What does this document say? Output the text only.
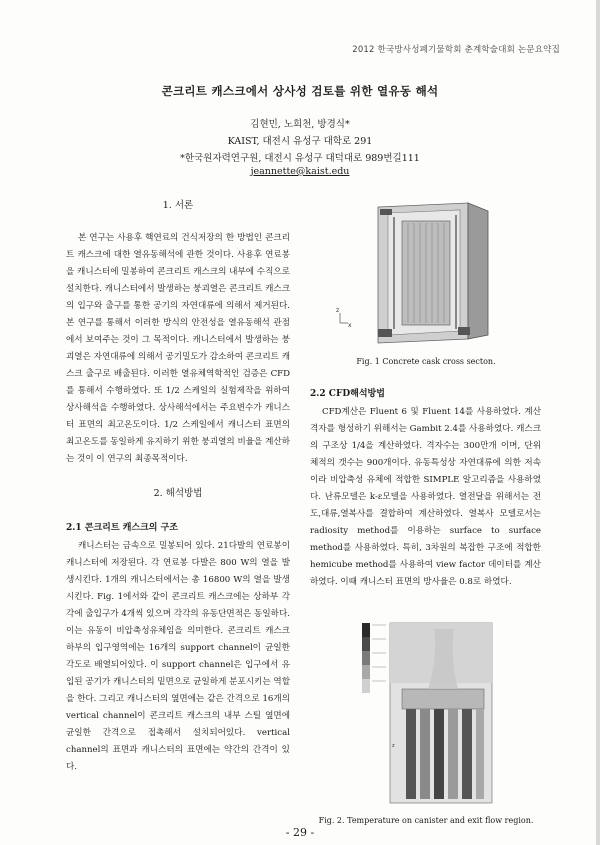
2012 한국방사성폐기물학회 춘계학술대회 논문요약집
콘크리트 캐스크에서 상사성 검토를 위한 열유동 해석
김현민, 노희천, 방경식*
KAIST, 대전시 유성구 대학로 291
*한국원자력연구원, 대전시 유성구 대덕대로 989번길111
jeannette@kaist.edu
1. 서론

본 연구는 사용후 핵연료의 건식저장의 한 방법인 콘크리트 캐스크에 대한 열유동해석에 관한 것이다. 사용후 연료봉을 캐니스터에 밀봉하여 콘크리트 캐스크의 내부에 수직으로 설치한다. 캐니스터에서 발생하는 붕괴열은 콘크리트 캐스크의 입구와 출구를 통한 공기의 자연대류에 의해서 제거된다. 본 연구를 통해서 이러한 방식의 안전성을 열유동해석 관점에서 보여주는 것이 그 목적이다. 캐니스터에서 발생하는 붕괴열은 자연대류에 의해서 공기밀도가 감소하여 콘크리트 캐스크 출구로 배출된다. 이러한 열유체역학적인 검증은 CFD를 통해서 수행하였다. 또 1/2 스케일의 실험제작을 위하여 상사해석을 수행하였다. 상사해석에서는 주요변수가 캐니스터 표면의 최고온도이다. 1/2 스케일에서 캐니스터 표면의 최고온도를 동일하게 유지하기 위한 붕괴열의 비율을 계산하는 것이 이 연구의 최종목적이다.

2. 해석방법
2.1 콘크리트 캐스크의 구조

캐니스터는 금속으로 밀봉되어 있다. 21다발의 연료봉이 캐니스터에 저장된다. 각 연료봉 다발은 800 W의 열을 발생시킨다. 1개의 캐니스터에서는 총 16800 W의 열을 발생시킨다. Fig. 1에서와 같이 콘크리트 캐스크에는 상하부 각각에 출입구가 4개씩 있으며 각각의 유동단면적은 동일하다. 이는 유동이 비압축성유체임을 의미한다. 콘크리트 캐스크 하부의 입구영역에는 16개의 support channel이 균일한 각도로 배열되어있다. 이 support channel은 입구에서 유입된 공기가 캐니스터의 밑면으로 균일하게 분포시키는 역할을 한다. 그리고 캐니스터의 옆면에는 같은 간격으로 16개의 vertical channel이 콘크리트 캐스크의 내부 스틸 옆면에 균일한 간격으로 접촉해서 설치되어있다. vertical channel의 표면과 캐니스터의 표면에는 약간의 간격이 있다.

z
x
Fig. 1 Concrete cask cross secton.
2.2 CFD해석방법

CFD계산은 Fluent 6 및 Fluent 14를 사용하였다. 계산격자를 형성하기 위해서는 Gambit 2.4를 사용하였다. 캐스크의 구조상 1/4을 계산하였다. 격자수는 300만개 이며, 단위 체적의 갯수는 900개이다. 유동특성상 자연대류에 의한 저속이라 비압축성 유체에 적합한 SIMPLE 알고리즘을 사용하였다. 난류모델은 k-ε모델을 사용하였다. 열전달을 위해서는 전도,대류,열복사를 결합하여 계산하였다. 열복사 모델로서는 radiosity method를 이용하는 surface to surface method를 사용하였다. 특히, 3차원의 복잡한 구조에 적합한 hemicube method를 사용하여 view factor 데이터를 계산하였다. 이때 캐니스터 표면의 방사율은 0.8로 하였다.

z
Fig. 2. Temperature on canister and exit flow region.
- 29 -
